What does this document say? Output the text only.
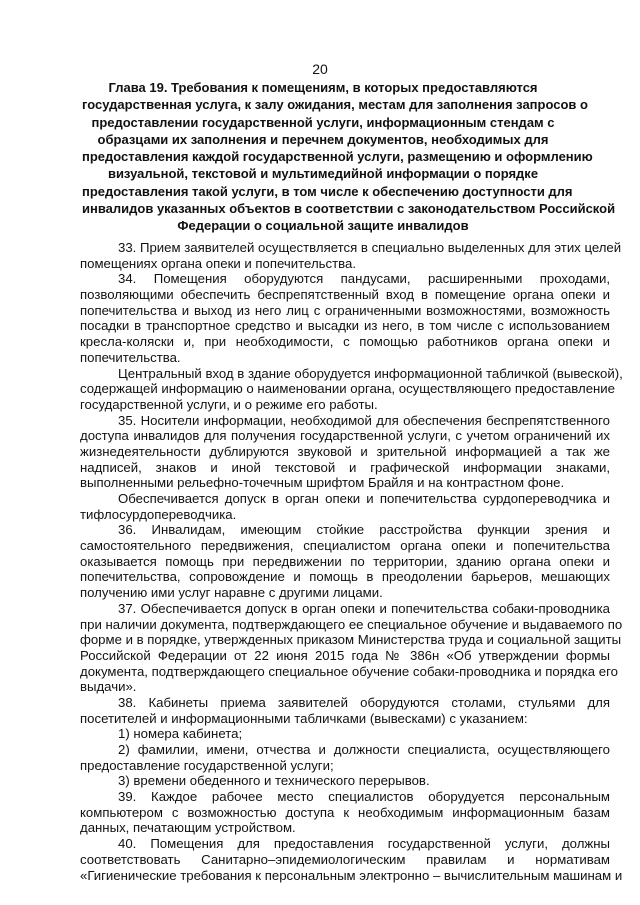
20
Глава 19. Требования к помещениям, в которых предоставляются
государственная услуга, к залу ожидания, местам для заполнения запросов о
предоставлении государственной услуги, информационным стендам с
образцами их заполнения и перечнем документов, необходимых для
предоставления каждой государственной услуги, размещению и оформлению
визуальной, текстовой и мультимедийной информации о порядке
предоставления такой услуги, в том числе к обеспечению доступности для
инвалидов указанных объектов в соответствии с законодательством Российской
Федерации о социальной защите инвалидов
33. Прием заявителей осуществляется в специально выделенных для этих целей
помещениях органа опеки и попечительства.
34. Помещения оборудуются пандусами, расширенными проходами,
позволяющими обеспечить беспрепятственный вход в помещение органа опеки и
попечительства и выход из него лиц с ограниченными возможностями, возможность
посадки в транспортное средство и высадки из него, в том числе с использованием
кресла-коляски и, при необходимости, с помощью работников органа опеки и
попечительства.
Центральный вход в здание оборудуется информационной табличкой (вывеской),
содержащей информацию о наименовании органа, осуществляющего предоставление
государственной услуги, и о режиме его работы.
35. Носители информации, необходимой для обеспечения беспрепятственного
доступа инвалидов для получения государственной услуги, с учетом ограничений их
жизнедеятельности дублируются звуковой и зрительной информацией а так же
надписей, знаков и иной текстовой и графической информации знаками,
выполненными рельефно-точечным шрифтом Брайля и на контрастном фоне.
Обеспечивается допуск в орган опеки и попечительства сурдопереводчика и
тифлосурдопереводчика.
36. Инвалидам, имеющим стойкие расстройства функции зрения и
самостоятельного передвижения, специалистом органа опеки и попечительства
оказывается помощь при передвижении по территории, зданию органа опеки и
попечительства, сопровождение и помощь в преодолении барьеров, мешающих
получению ими услуг наравне с другими лицами.
37. Обеспечивается допуск в орган опеки и попечительства собаки-проводника
при наличии документа, подтверждающего ее специальное обучение и выдаваемого по
форме и в порядке, утвержденных приказом Министерства труда и социальной защиты
Российской Федерации от 22 июня 2015 года № 386н «Об утверждении формы
документа, подтверждающего специальное обучение собаки-проводника и порядка его
выдачи».
38. Кабинеты приема заявителей оборудуются столами, стульями для
посетителей и информационными табличками (вывесками) с указанием:
1) номера кабинета;
2) фамилии, имени, отчества и должности специалиста, осуществляющего
предоставление государственной услуги;
3) времени обеденного и технического перерывов.
39. Каждое рабочее место специалистов оборудуется персональным
компьютером с возможностью доступа к необходимым информационным базам
данных, печатающим устройством.
40. Помещения для предоставления государственной услуги, должны
соответствовать Санитарно–эпидемиологическим правилам и нормативам
«Гигиенические требования к персональным электронно – вычислительным машинам и
